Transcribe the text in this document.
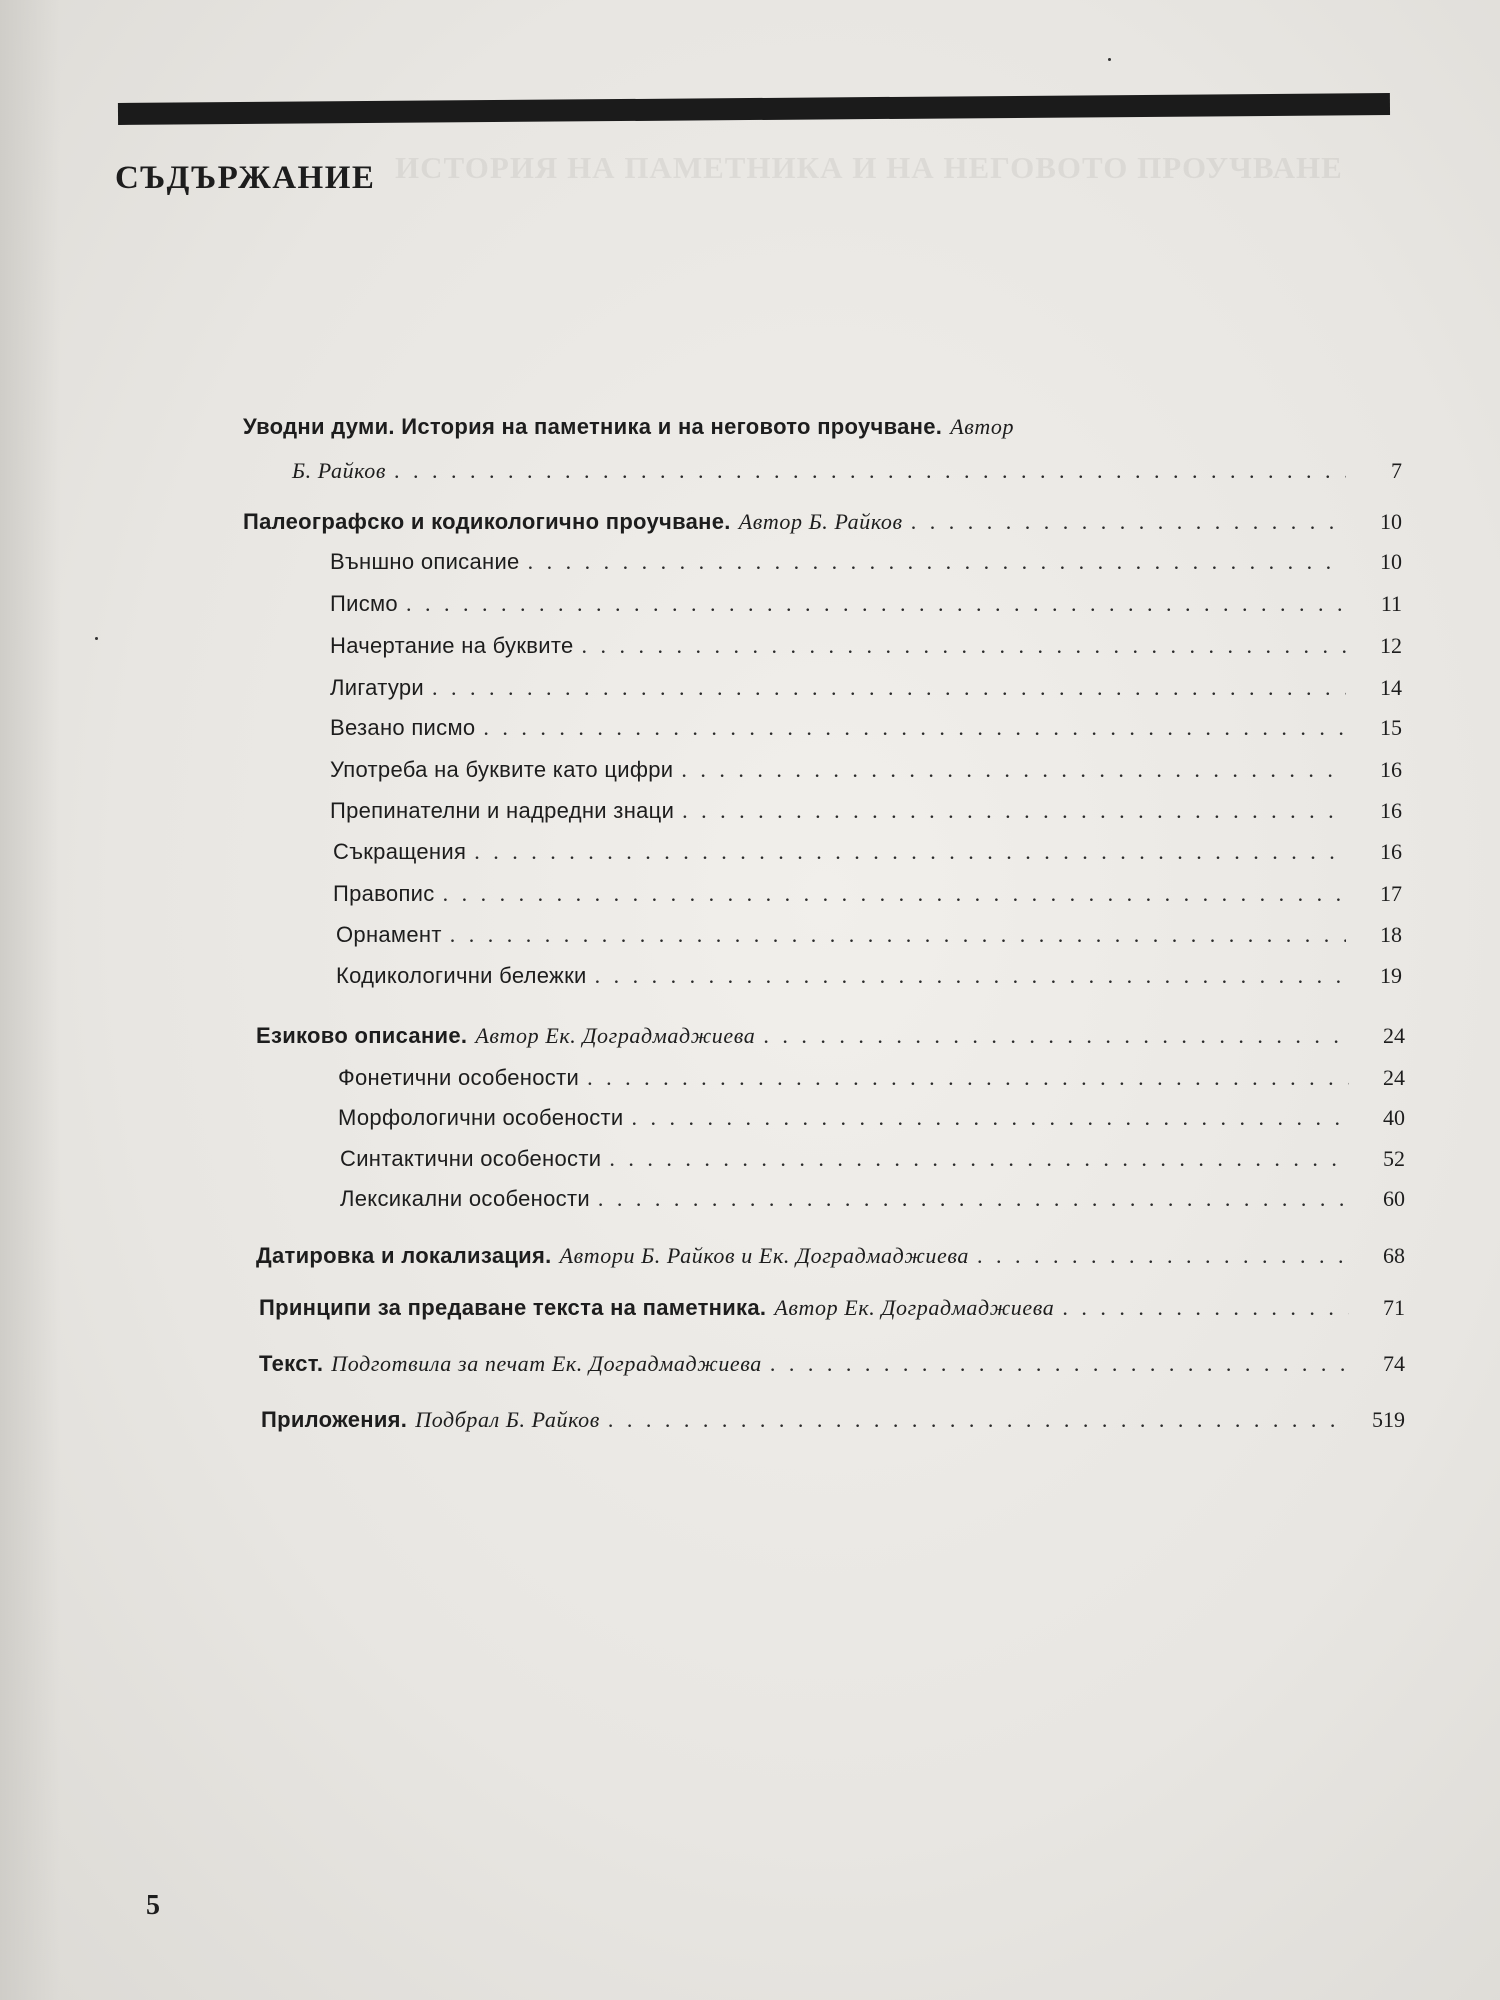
ИСТОРИЯ НА ПАМЕТНИКА И НА НЕГОВОТО ПРОУЧВАНЕ
СЪДЪРЖАНИЕ
Уводни думи. История на паметника и на неговото проучване. Автор
Б. Райков . . .	7
Палеографско и кодикологично проучване. Автор Б. Райков . . .	10
Външно описание . . .	10
Писмо . . .	11
Начертание на буквите . . .	12
Лигатури . . .	14
Везано писмо . . .	15
Употреба на буквите като цифри . . .	16
Препинателни и надредни знаци . . .	16
Съкращения . . .	16
Правопис . . .	17
Орнамент . . .	18
Кодикологични бележки . . .	19
Езиково описание. Автор Ек. Доградмаджиева . . .	24
Фонетични особености . . .	24
Морфологични особености . . .	40
Синтактични особености . . .	52
Лексикални особености . . .	60
Датировка и локализация. Автори Б. Райков и Ек. Доградмаджиева . . .	68
Принципи за предаване текста на паметника. Автор Ек. Доградмаджиева . . .	71
Текст. Подготвила за печат Ек. Доградмаджиева . . .	74
Приложения. Подбрал Б. Райков . . .	519
5
